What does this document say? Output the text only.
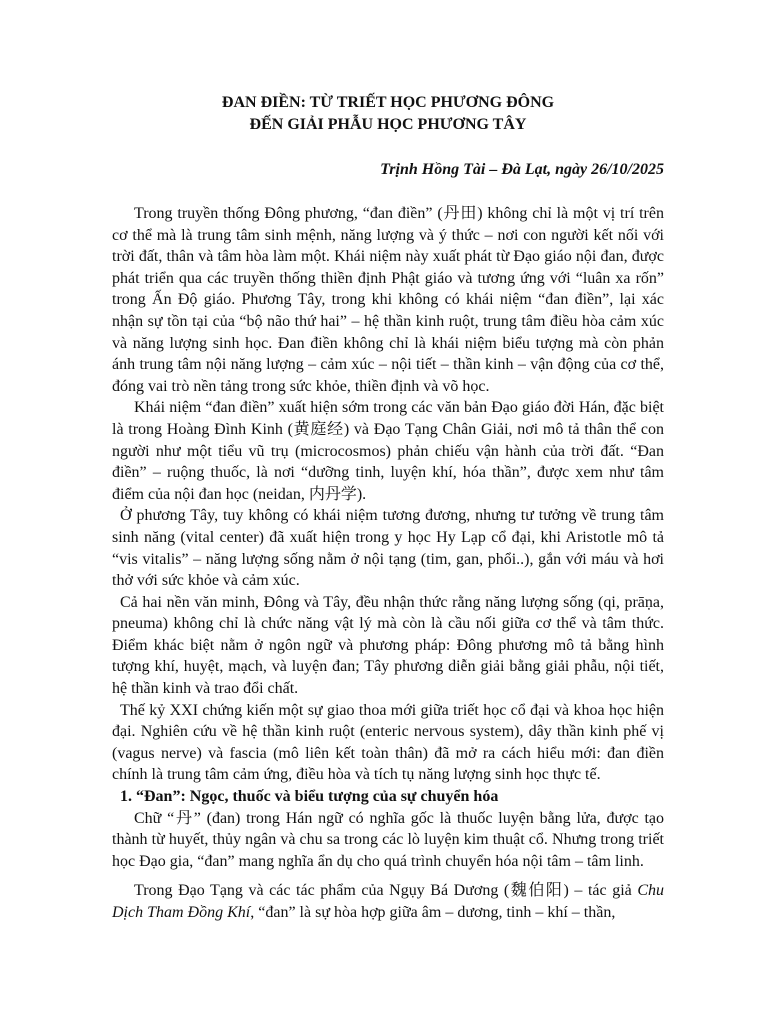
ĐAN ĐIỀN: TỪ TRIẾT HỌC PHƯƠNG ĐÔNG

ĐẾN GIẢI PHẪU HỌC PHƯƠNG TÂY

Trịnh Hồng Tài – Đà Lạt, ngày 26/10/2025

Trong truyền thống Đông phương, “đan điền” (丹田) không chỉ là một vị trí trên cơ thể mà là trung tâm sinh mệnh, năng lượng và ý thức – nơi con người kết nối với trời đất, thân và tâm hòa làm một. Khái niệm này xuất phát từ Đạo giáo nội đan, được phát triển qua các truyền thống thiền định Phật giáo và tương ứng với “luân xa rốn” trong Ấn Độ giáo. Phương Tây, trong khi không có khái niệm “đan điền”, lại xác nhận sự tồn tại của “bộ não thứ hai” – hệ thần kinh ruột, trung tâm điều hòa cảm xúc và năng lượng sinh học. Đan điền không chỉ là khái niệm biểu tượng mà còn phản ánh trung tâm nội năng lượng – cảm xúc – nội tiết – thần kinh – vận động của cơ thể, đóng vai trò nền tảng trong sức khỏe, thiền định và võ học.

Khái niệm “đan điền” xuất hiện sớm trong các văn bản Đạo giáo đời Hán, đặc biệt là trong Hoàng Đình Kinh (黄庭经) và Đạo Tạng Chân Giải, nơi mô tả thân thể con người như một tiểu vũ trụ (microcosmos) phản chiếu vận hành của trời đất. “Đan điền” – ruộng thuốc, là nơi “dưỡng tinh, luyện khí, hóa thần”, được xem như tâm điểm của nội đan học (neidan, 内丹学).

Ở phương Tây, tuy không có khái niệm tương đương, nhưng tư tưởng về trung tâm sinh năng (vital center) đã xuất hiện trong y học Hy Lạp cổ đại, khi Aristotle mô tả “vis vitalis” – năng lượng sống nằm ở nội tạng (tim, gan, phổi..), gắn với máu và hơi thở với sức khỏe và cảm xúc.

Cả hai nền văn minh, Đông và Tây, đều nhận thức rằng năng lượng sống (qi, prāṇa, pneuma) không chỉ là chức năng vật lý mà còn là cầu nối giữa cơ thể và tâm thức. Điểm khác biệt nằm ở ngôn ngữ và phương pháp: Đông phương mô tả bằng hình tượng khí, huyệt, mạch, và luyện đan; Tây phương diễn giải bằng giải phẫu, nội tiết, hệ thần kinh và trao đổi chất.

Thế kỷ XXI chứng kiến một sự giao thoa mới giữa triết học cổ đại và khoa học hiện đại. Nghiên cứu về hệ thần kinh ruột (enteric nervous system), dây thần kinh phế vị (vagus nerve) và fascia (mô liên kết toàn thân) đã mở ra cách hiểu mới: đan điền chính là trung tâm cảm ứng, điều hòa và tích tụ năng lượng sinh học thực tế.

1. “Đan”: Ngọc, thuốc và biểu tượng của sự chuyển hóa

Chữ “丹” (đan) trong Hán ngữ có nghĩa gốc là thuốc luyện bằng lửa, được tạo thành từ huyết, thủy ngân và chu sa trong các lò luyện kim thuật cổ. Nhưng trong triết học Đạo gia, “đan” mang nghĩa ẩn dụ cho quá trình chuyển hóa nội tâm – tâm linh.

Trong Đạo Tạng và các tác phẩm của Ngụy Bá Dương (魏伯阳) – tác giả Chu Dịch Tham Đồng Khí, “đan” là sự hòa hợp giữa âm – dương, tinh – khí – thần,
